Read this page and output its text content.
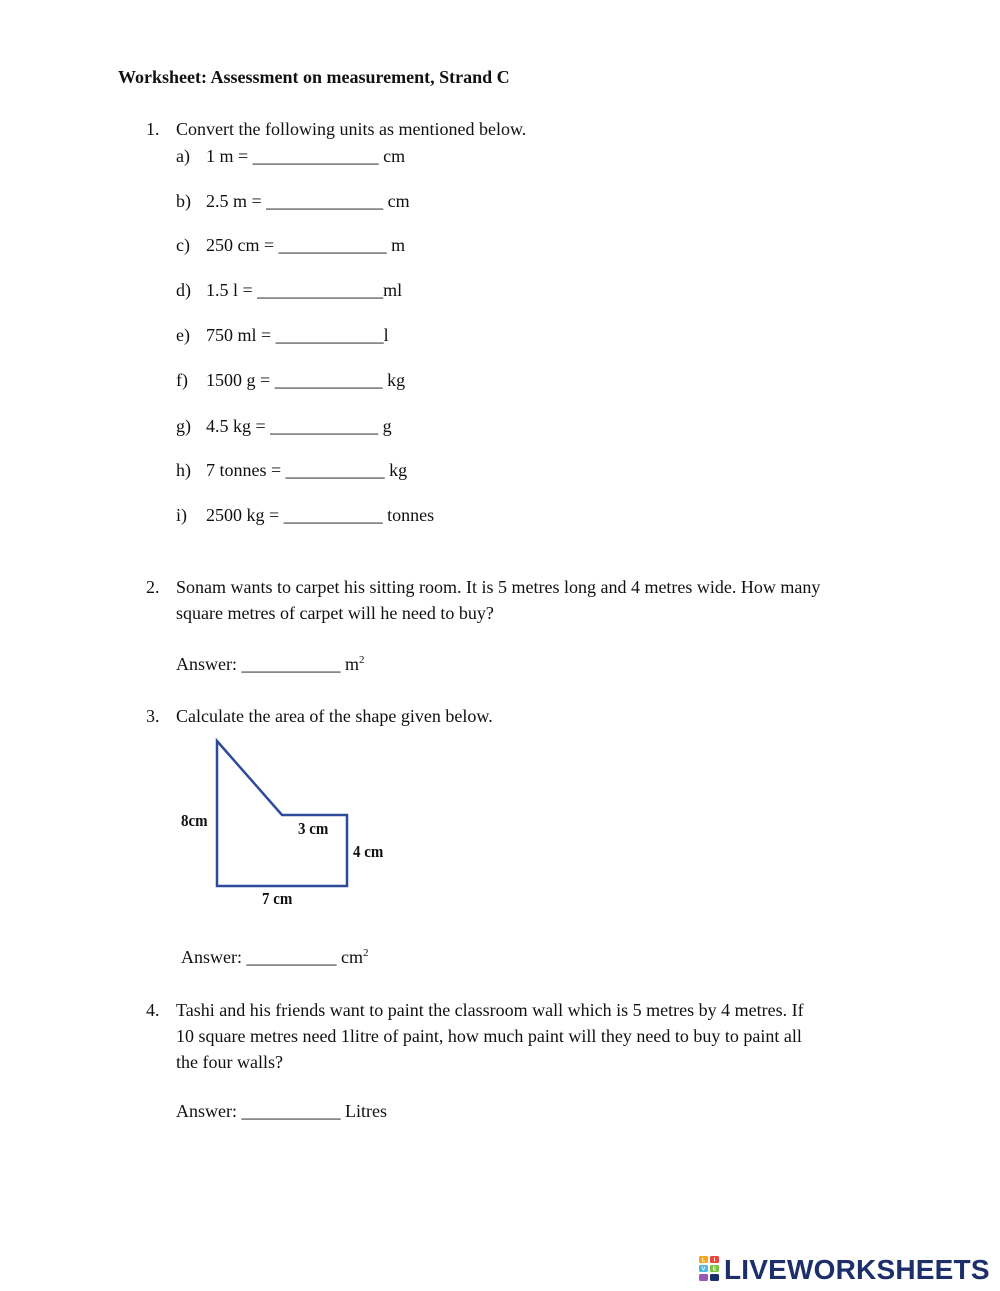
Worksheet: Assessment on measurement, Strand C
1. Convert the following units as mentioned below.
a) 1 m = ______________ cm
b) 2.5 m = _____________ cm
c) 250 cm = ____________ m
d) 1.5 l = ______________ml
e) 750 ml = ____________l
f) 1500 g = ____________ kg
g) 4.5 kg = ____________ g
h) 7 tonnes = ___________ kg
i) 2500 kg = ___________ tonnes
2. Sonam wants to carpet his sitting room. It is 5 metres long and 4 metres wide. How many
square metres of carpet will he need to buy?
Answer: ___________ $m^2$
3. Calculate the area of the shape given below.
8cm	3 cm
4 cm
7 cm
Answer: __________ $cm^2$
4. Tashi and his friends want to paint the classroom wall which is 5 metres by 4 metres. If
10 square metres need 1litre of paint, how much paint will they need to buy to paint all
the four walls?
Answer: ___________ Litres
L I
V E LIVEWORKSHEETS
